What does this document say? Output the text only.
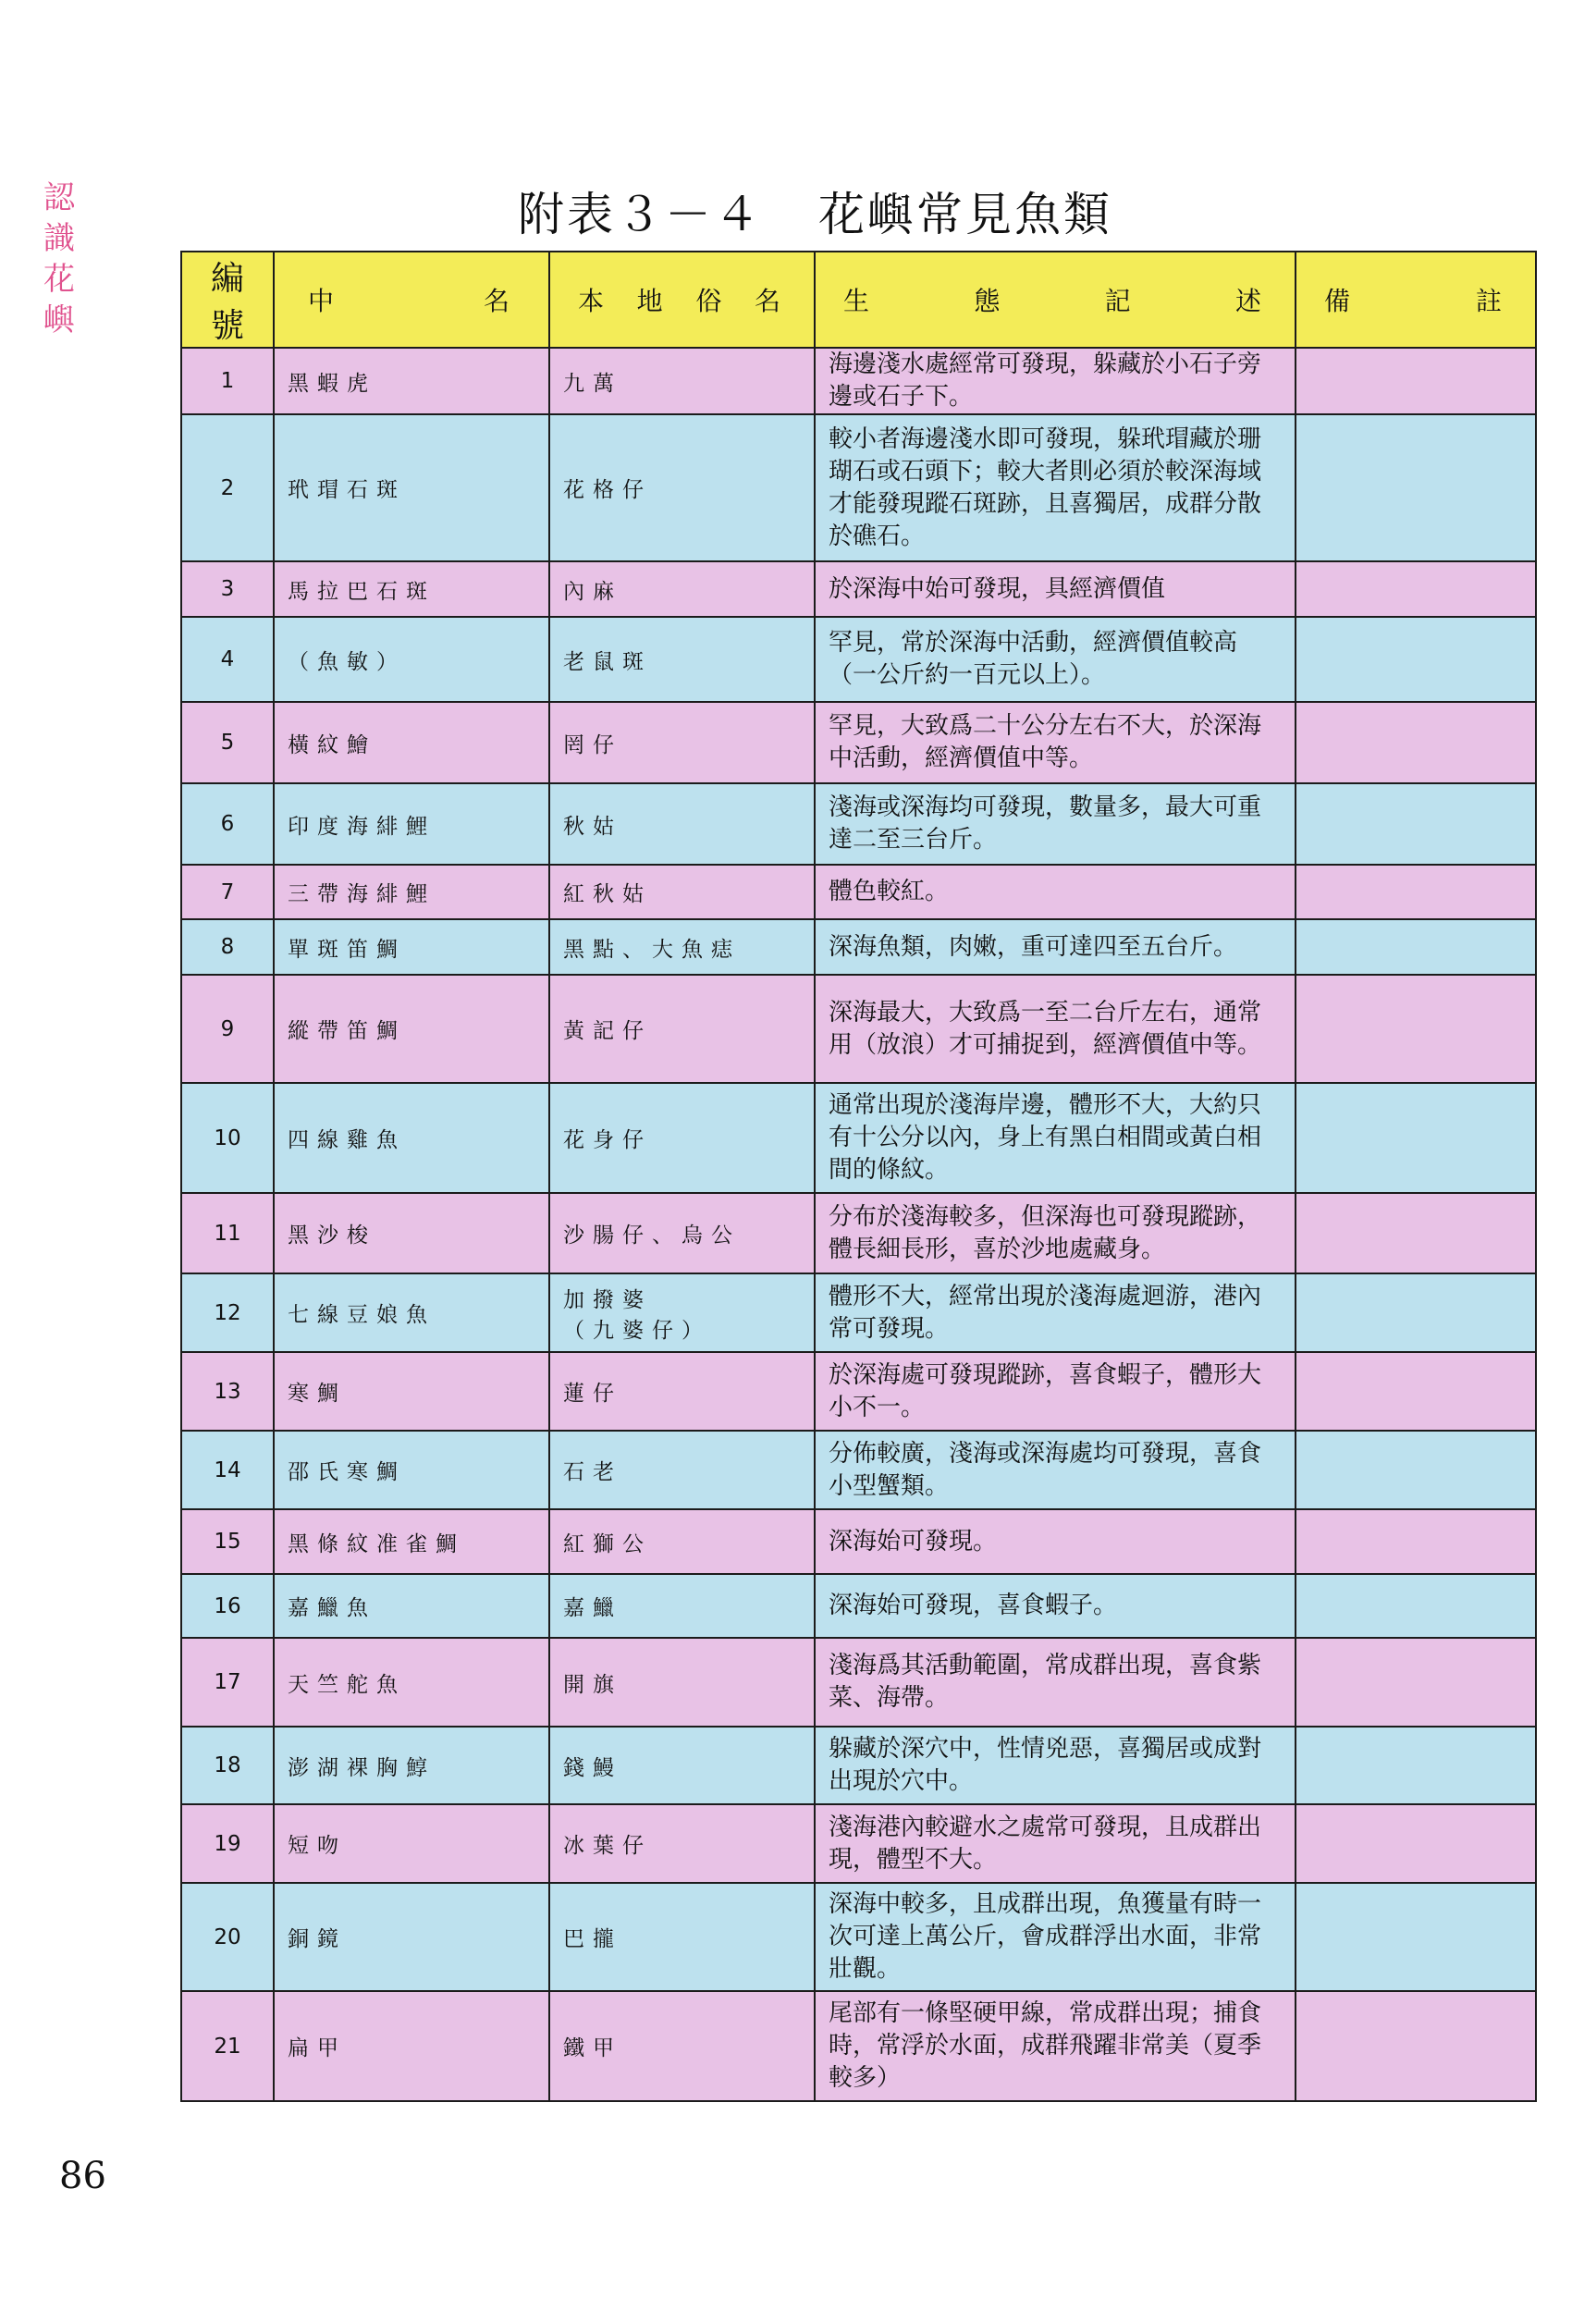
認
識
花
嶼
附表３－４ 花嶼常見魚類
編號	中　　　名	本地俗名	生　態　記　述	備　　註
1	黑蝦虎	九萬	海邊淺水處經常可發現，躲藏於小石子旁邊或石子下。	
2	玳瑁石斑	花格仔	較小者海邊淺水即可發現，躲玳瑁藏於珊瑚石或石頭下；較大者則必須於較深海域才能發現蹤石斑跡，且喜獨居，成群分散於礁石。	
3	馬拉巴石斑	內麻	於深海中始可發現，具經濟價值	
4	（魚敏）	老鼠斑	罕見，常於深海中活動，經濟價值較高（一公斤約一百元以上）。	
5	橫紋鱠	罔仔	罕見，大致爲二十公分左右不大，於深海中活動，經濟價值中等。	
6	印度海緋鯉	秋姑	淺海或深海均可發現，數量多，最大可重達二至三台斤。	
7	三帶海緋鯉	紅秋姑	體色較紅。	
8	單斑笛鯛	黑點、大魚痣	深海魚類，肉嫩，重可達四至五台斤。	
9	縱帶笛鯛	黃記仔	深海最大，大致爲一至二台斤左右，通常用（放浪）才可捕捉到，經濟價值中等。	
10	四線雞魚	花身仔	通常出現於淺海岸邊，體形不大，大約只有十公分以內，身上有黑白相間或黃白相間的條紋。	
11	黑沙梭	沙腸仔、烏公	分布於淺海較多，但深海也可發現蹤跡，體長細長形，喜於沙地處藏身。	
12	七線豆娘魚	加撥婆
（九婆仔）	體形不大，經常出現於淺海處迴游，港內常可發現。	
13	寒鯛	蓮仔	於深海處可發現蹤跡，喜食蝦子，體形大小不一。	
14	邵氏寒鯛	石老	分佈較廣，淺海或深海處均可發現，喜食小型蟹類。	
15	黑條紋准雀鯛	紅獅公	深海始可發現。	
16	嘉鱲魚	嘉鱲	深海始可發現，喜食蝦子。	
17	天竺舵魚	開旗	淺海爲其活動範圍，常成群出現，喜食紫菜、海帶。	
18	澎湖裸胸鯙	錢鰻	躲藏於深穴中，性情兇惡，喜獨居或成對出現於穴中。	
19	短吻	冰葉仔	淺海港內較避水之處常可發現，且成群出現，體型不大。	
20	銅鏡	巴攏	深海中較多，且成群出現，魚獲量有時一次可達上萬公斤，會成群浮出水面，非常壯觀。	
21	扁甲	鐵甲	尾部有一條堅硬甲線，常成群出現；捕食時，常浮於水面，成群飛躍非常美（夏季較多）	
86
